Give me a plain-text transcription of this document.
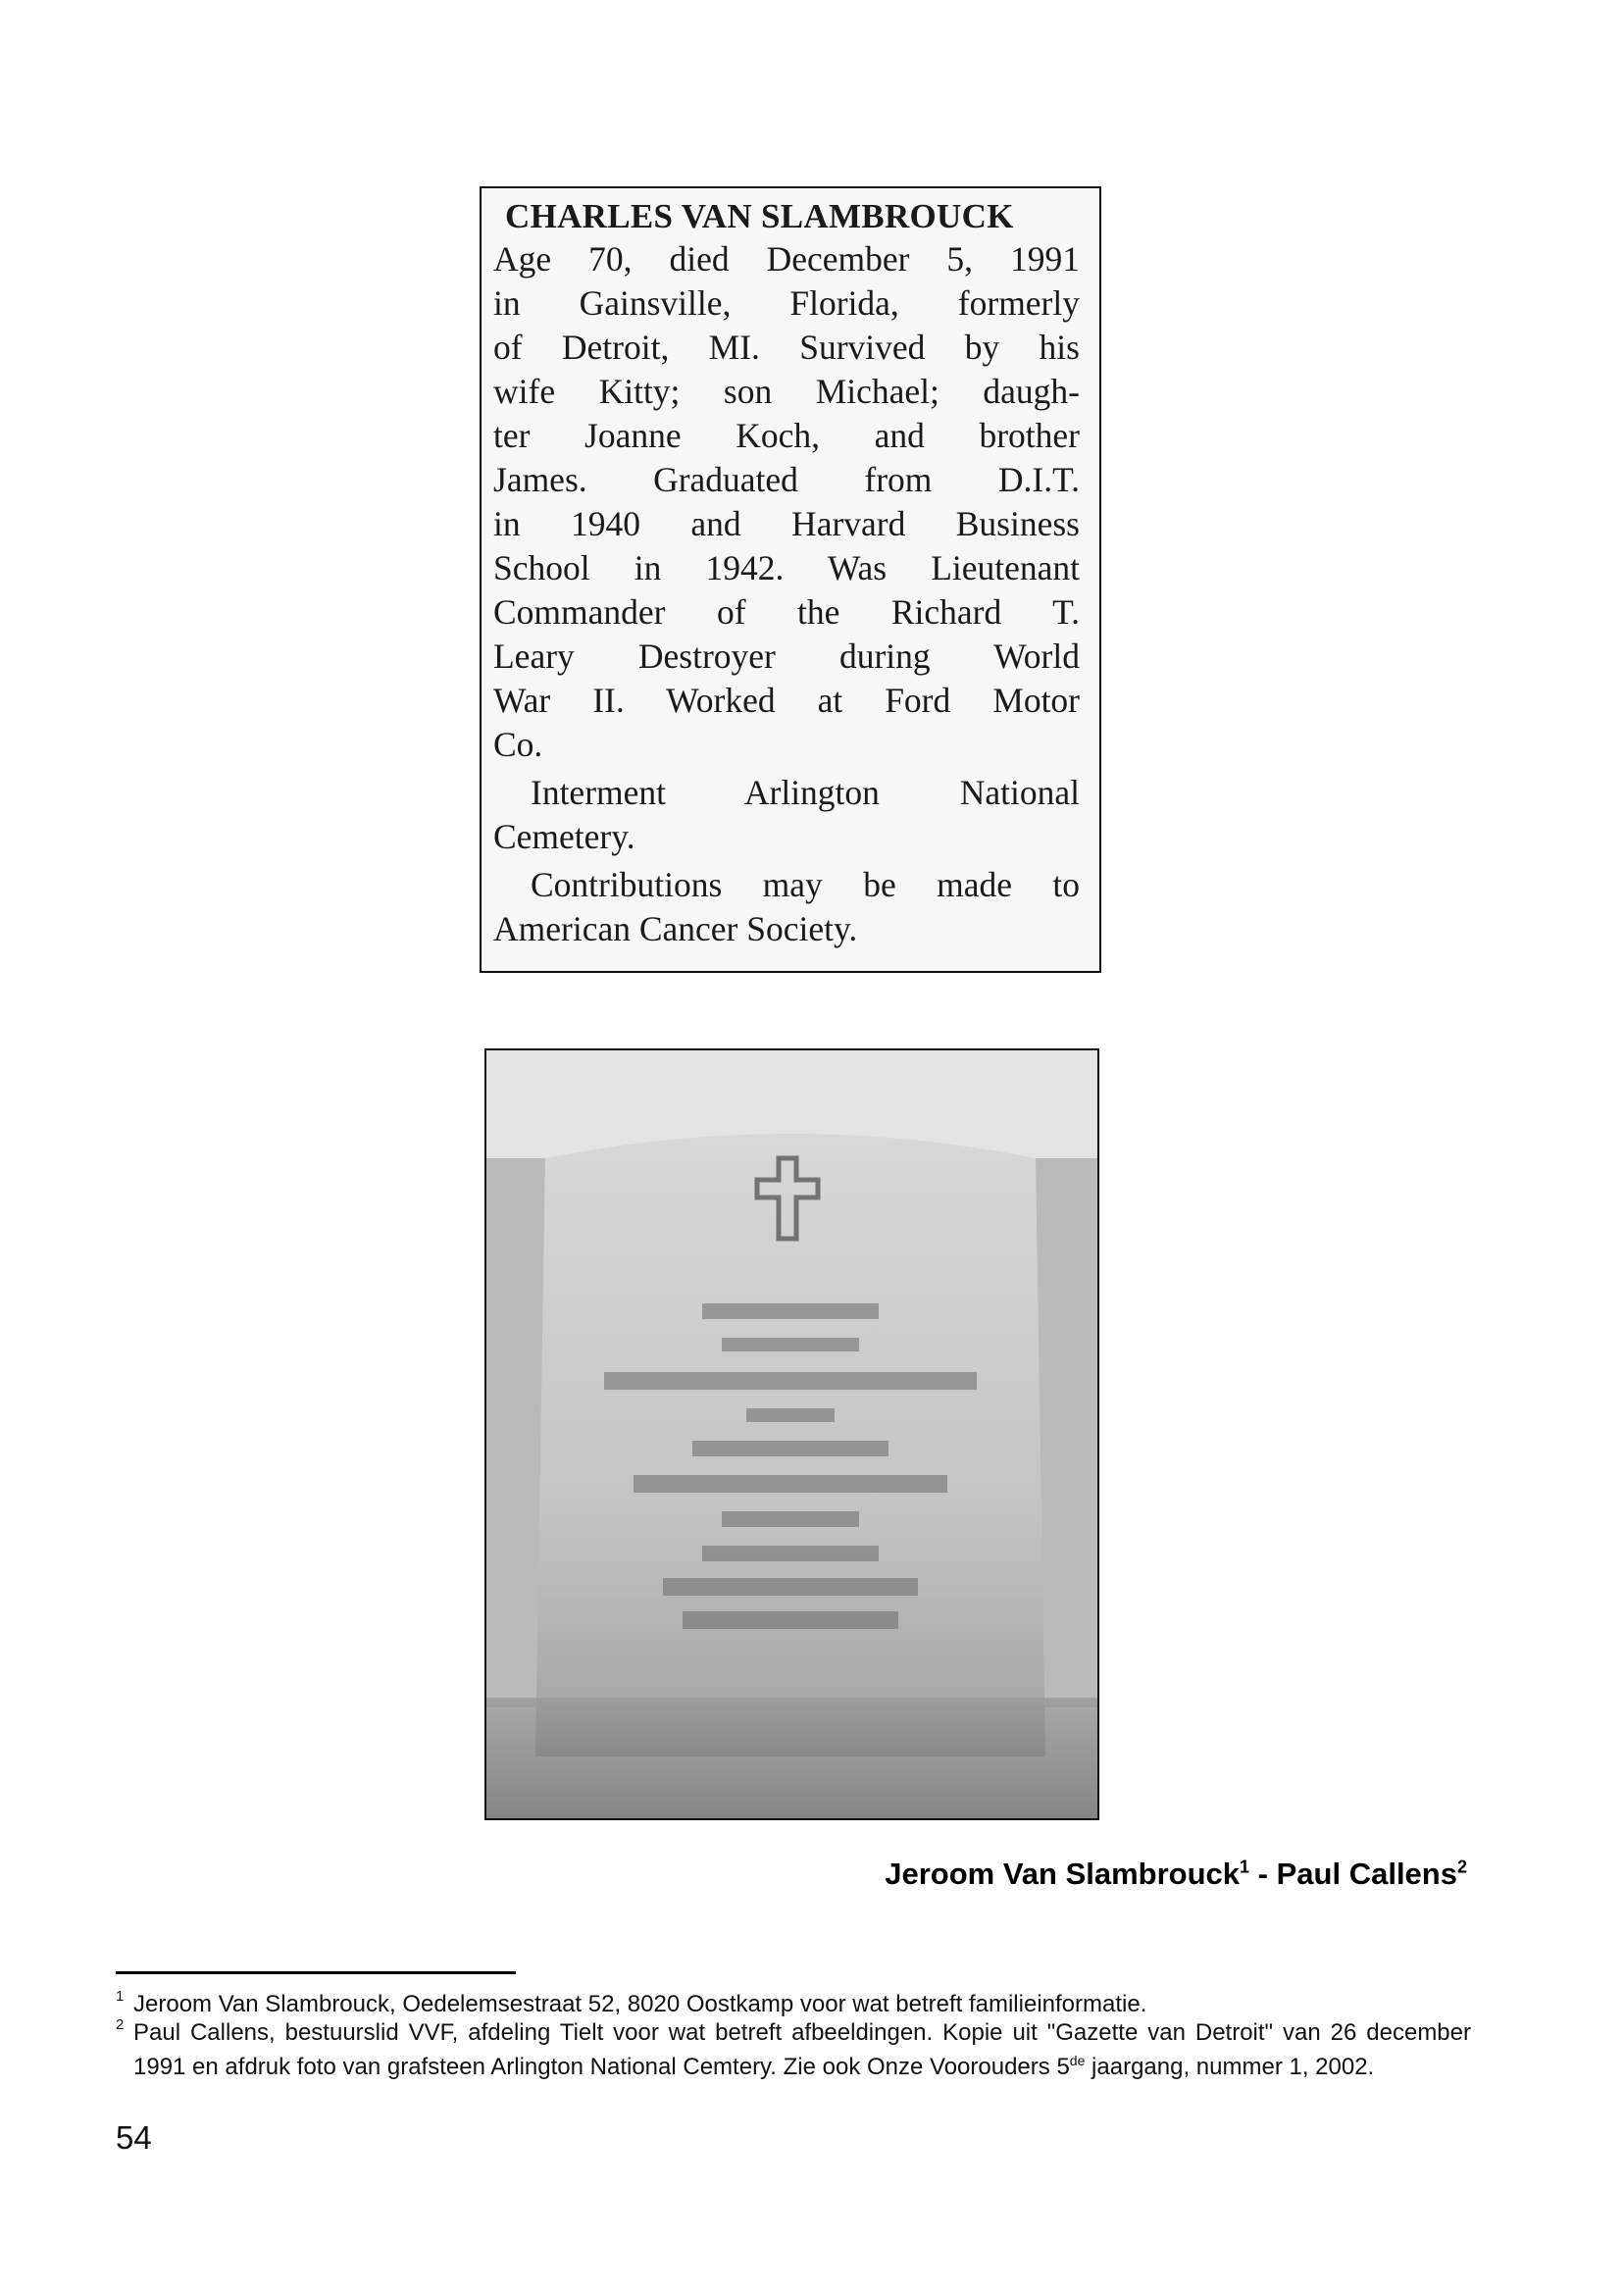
CHARLES VAN SLAMBROUCK
Age 70, died December 5, 1991
in Gainsville, Florida, formerly
of Detroit, MI. Survived by his
wife Kitty; son Michael; daugh-
ter Joanne Koch, and brother
James. Graduated from D.I.T.
in 1940 and Harvard Business
School in 1942. Was Lieutenant
Commander of the Richard T.
Leary Destroyer during World
War II. Worked at Ford Motor
Co.
Interment Arlington National
Cemetery.
Contributions may be made to
American Cancer Society.
Jeroom Van Slambrouck$^1$ - Paul Callens$^2$
1 Jeroom Van Slambrouck, Oedelemsestraat 52, 8020 Oostkamp voor wat betreft familieinformatie.
2 Paul Callens, bestuurslid VVF, afdeling Tielt voor wat betreft afbeeldingen. Kopie uit "Gazette van Detroit" van 26 december 1991 en afdruk foto van grafsteen Arlington National Cemtery. Zie ook Onze Voorouders 5de jaargang, nummer 1, 2002.
54
